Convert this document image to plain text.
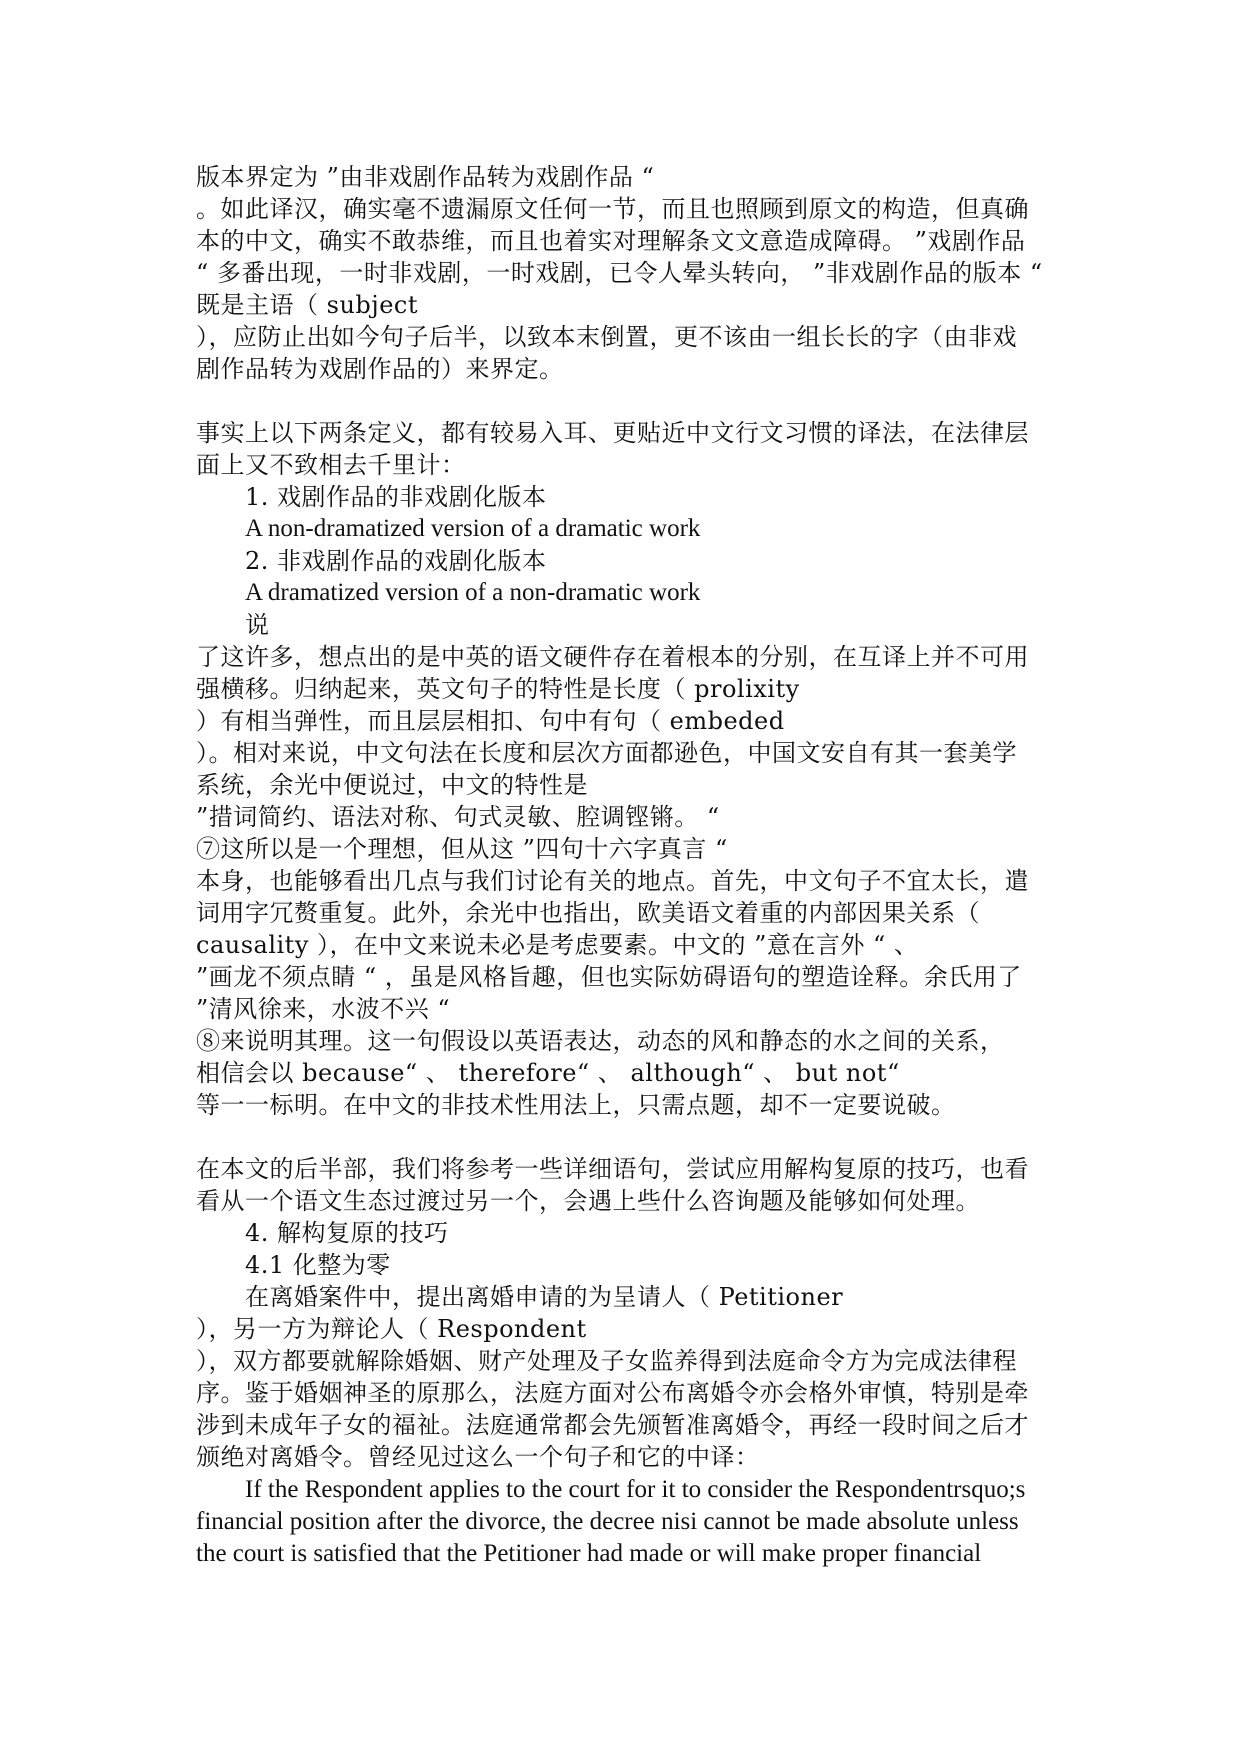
版本界定为 ”由非戏剧作品转为戏剧作品 “
。如此译汉，确实毫不遗漏原文任何一节，而且也照顾到原文的构造，但真确
本的中文，确实不敢恭维，而且也着实对理解条文文意造成障碍。 ”戏剧作品
“ 多番出现，一时非戏剧，一时戏剧，已令人晕头转向， ”非戏剧作品的版本 “
既是主语（ subject
），应防止出如今句子后半，以致本末倒置，更不该由一组长长的字（由非戏
剧作品转为戏剧作品的）来界定。
事实上以下两条定义，都有较易入耳、更贴近中文行文习惯的译法，在法律层
面上又不致相去千里计：
1. 戏剧作品的非戏剧化版本
A non-dramatized version of a dramatic work
2. 非戏剧作品的戏剧化版本
A dramatized version of a non-dramatic work
说
了这许多，想点出的是中英的语文硬件存在着根本的分别，在互译上并不可用
强横移。归纳起来，英文句子的特性是长度（ prolixity
）有相当弹性，而且层层相扣、句中有句（ embeded
）。相对来说，中文句法在长度和层次方面都逊色，中国文安自有其一套美学
系统，余光中便说过，中文的特性是
”措词简约、语法对称、句式灵敏、腔调铿锵。 “
⑦这所以是一个理想，但从这 ”四句十六字真言 “
本身，也能够看出几点与我们讨论有关的地点。首先，中文句子不宜太长，遣
词用字冗赘重复。此外，余光中也指出，欧美语文着重的内部因果关系（
causality ），在中文来说未必是考虑要素。中文的 ”意在言外 “ 、
”画龙不须点睛 “ ，虽是风格旨趣，但也实际妨碍语句的塑造诠释。余氏用了
”清风徐来，水波不兴 “
⑧来说明其理。这一句假设以英语表达，动态的风和静态的水之间的关系，
相信会以 because“ 、 therefore“ 、 although“ 、 but not“
等一一标明。在中文的非技术性用法上，只需点题，却不一定要说破。
在本文的后半部，我们将参考一些详细语句，尝试应用解构复原的技巧，也看
看从一个语文生态过渡过另一个，会遇上些什么咨询题及能够如何处理。
4. 解构复原的技巧
4.1 化整为零
在离婚案件中，提出离婚申请的为呈请人（ Petitioner
），另一方为辩论人（ Respondent
），双方都要就解除婚姻、财产处理及子女监养得到法庭命令方为完成法律程
序。鉴于婚姻神圣的原那么，法庭方面对公布离婚令亦会格外审慎，特别是牵
涉到未成年子女的福祉。法庭通常都会先颁暂准离婚令，再经一段时间之后才
颁绝对离婚令。曾经见过这么一个句子和它的中译：
If the Respondent applies to the court for it to consider the Respondentrsquo;s
financial position after the divorce, the decree nisi cannot be made absolute unless
the court is satisfied that the Petitioner had made or will make proper financial
